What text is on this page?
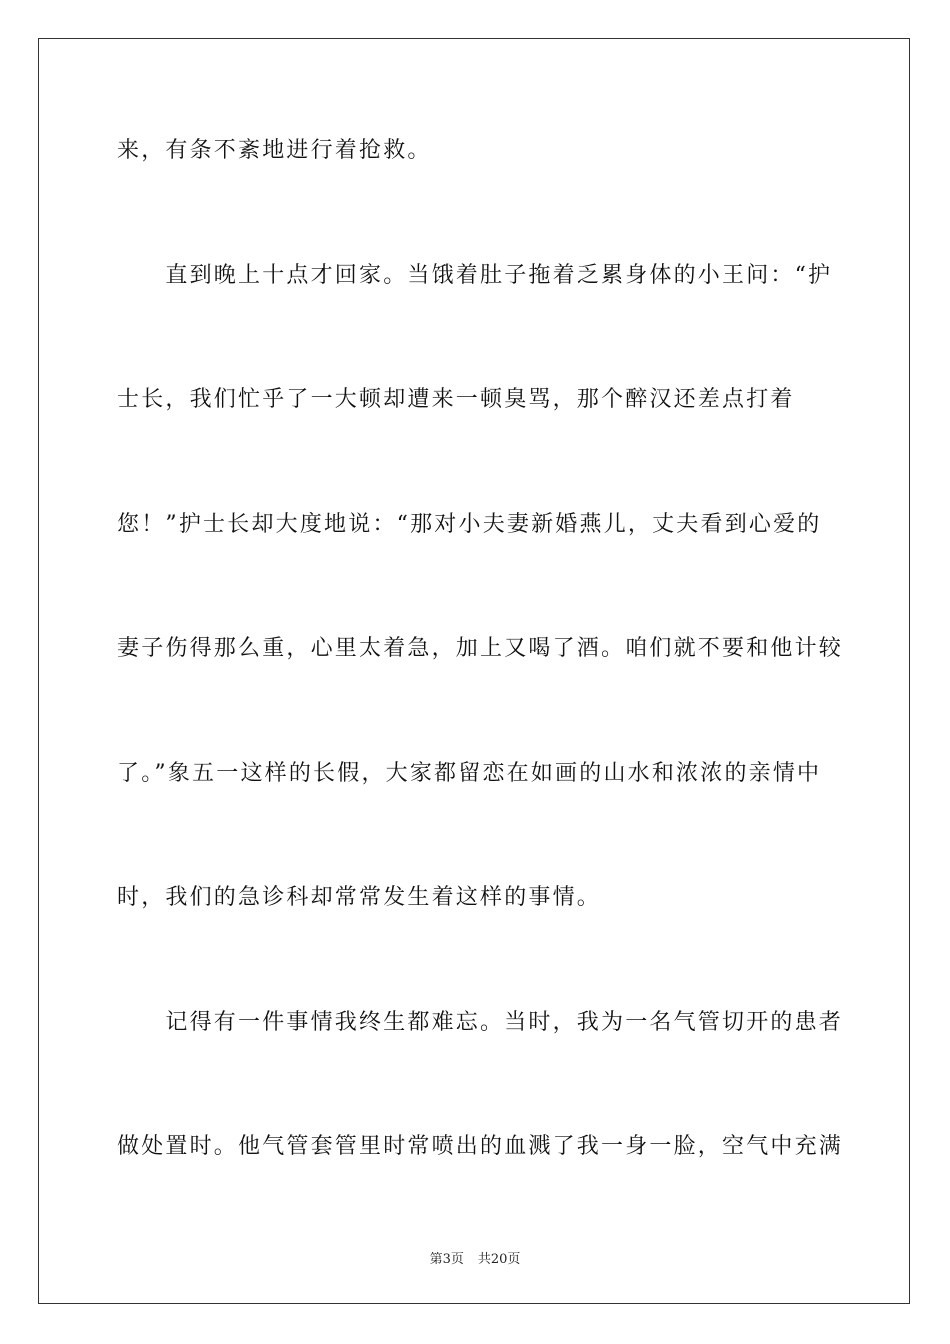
来，有条不紊地进行着抢救。
　　直到晚上十点才回家。当饿着肚子拖着乏累身体的小王问：“护
士长，我们忙乎了一大顿却遭来一顿臭骂，那个醉汉还差点打着
您！”护士长却大度地说：“那对小夫妻新婚燕儿，丈夫看到心爱的
妻子伤得那么重，心里太着急，加上又喝了酒。咱们就不要和他计较
了。”象五一这样的长假，大家都留恋在如画的山水和浓浓的亲情中
时，我们的急诊科却常常发生着这样的事情。
　　记得有一件事情我终生都难忘。当时，我为一名气管切开的患者
做处置时。他气管套管里时常喷出的血溅了我一身一脸，空气中充满
第3页 共20页
